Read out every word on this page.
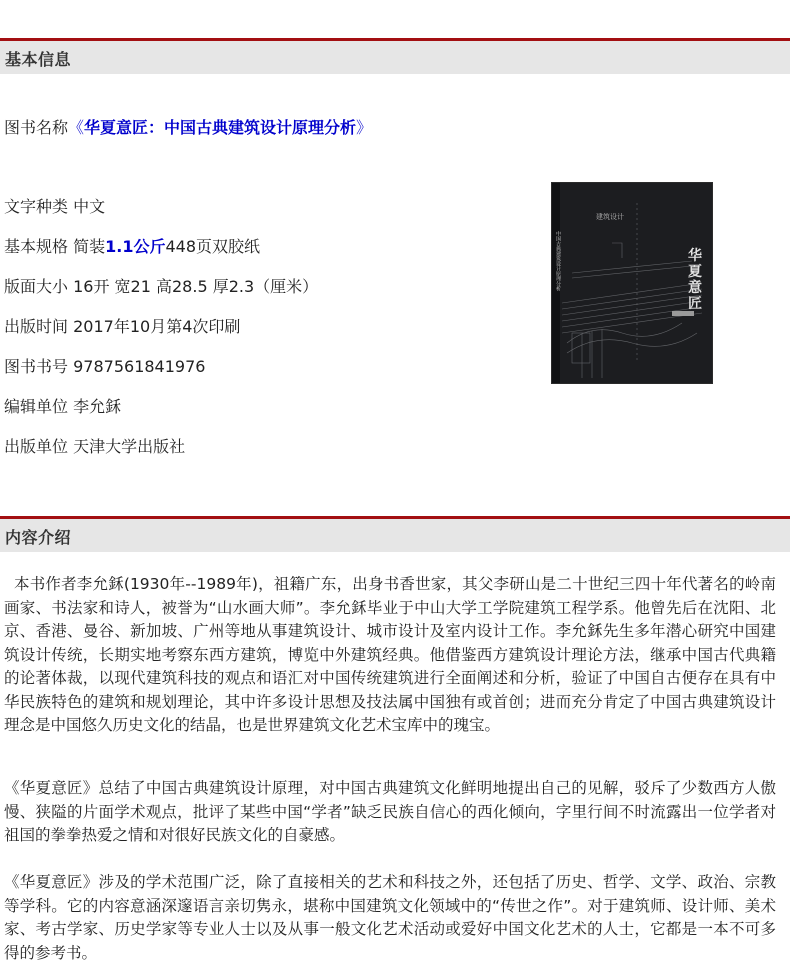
基本信息
图书名称《华夏意匠：中国古典建筑设计原理分析》
文字种类 中文
基本规格 简装1.1公斤448页双胶纸
版面大小 16开 宽21 高28.5 厚2.3（厘米）
出版时间 2017年10月第4次印刷
图书书号 9787561841976
编辑单位 李允鉌
出版单位 天津大学出版社
中国古典建筑设计原理分析
建筑设计
华夏意匠
内容介绍

本书作者李允鉌(1930年--1989年)，祖籍广东，出身书香世家，其父李研山是二十世纪三四十年代著名的岭南画家、书法家和诗人，被誉为“山水画大师”。李允鉌毕业于中山大学工学院建筑工程学系。他曾先后在沈阳、北京、香港、曼谷、新加坡、广州等地从事建筑设计、城市设计及室内设计工作。李允鉌先生多年潜心研究中国建筑设计传统，长期实地考察东西方建筑，博览中外建筑经典。他借鉴西方建筑设计理论方法，继承中国古代典籍的论著体裁，以现代建筑科技的观点和语汇对中国传统建筑进行全面阐述和分析，验证了中国自古便存在具有中华民族特色的建筑和规划理论，其中许多设计思想及技法属中国独有或首创；进而充分肯定了中国古典建筑设计理念是中国悠久历史文化的结晶，也是世界建筑文化艺术宝库中的瑰宝。

《华夏意匠》总结了中国古典建筑设计原理，对中国古典建筑文化鲜明地提出自己的见解，驳斥了少数西方人傲慢、狭隘的片面学术观点，批评了某些中国“学者”缺乏民族自信心的西化倾向，字里行间不时流露出一位学者对祖国的拳拳热爱之情和对很好民族文化的自豪感。

《华夏意匠》涉及的学术范围广泛，除了直接相关的艺术和科技之外，还包括了历史、哲学、文学、政治、宗教等学科。它的内容意涵深邃语言亲切隽永，堪称中国建筑文化领域中的“传世之作”。对于建筑师、设计师、美术家、考古学家、历史学家等专业人士以及从事一般文化艺术活动或爱好中国文化艺术的人士，它都是一本不可多得的参考书。
